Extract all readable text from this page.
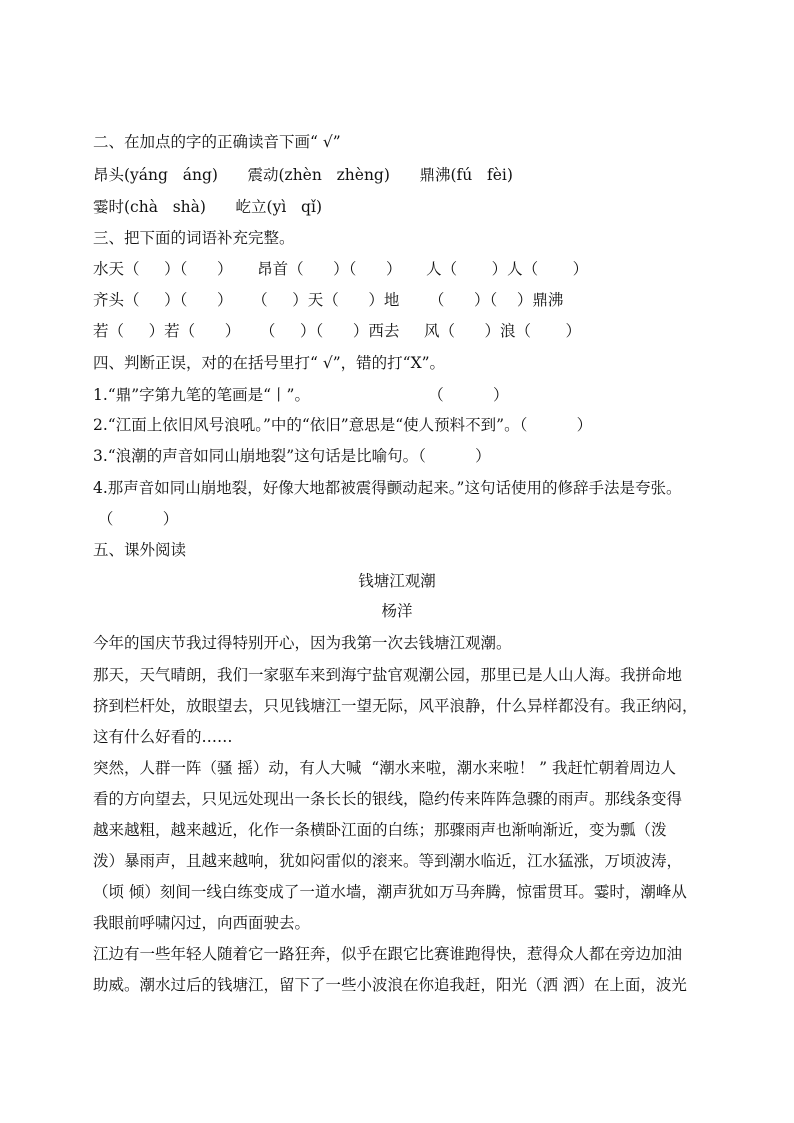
二、在加点的字的正确读音下画“ √”
昂头(yáng   áng)      震动(zhèn   zhèng)      鼎沸(fú   fèi)
霎时(chà   shà)      屹立(yì   qǐ)
三、把下面的词语补充完整。
水天（     ）（      ）     昂首（      ）（      ）     人（       ）人（       ）
齐头（     ）（      ）    （     ）天（      ）地      （      ）（    ）鼎沸
若（     ）若（      ）    （     ）（      ）西去     风（      ）浪（       ）
四、判断正误，对的在括号里打“ √”，错的打“X”。
1.“鼎”字第九笔的笔画是“丨”。                        （          ）
2.“江面上依旧风号浪吼。”中的“依旧”意思是“使人预料不到”。（          ）
3.“浪潮的声音如同山崩地裂”这句话是比喻句。（          ）
4.那声音如同山崩地裂，好像大地都被震得颤动起来。”这句话使用的修辞手法是夸张。
（          ）
五、课外阅读
钱塘江观潮
杨洋
今年的国庆节我过得特别开心，因为我第一次去钱塘江观潮。
那天，天气晴朗，我们一家驱车来到海宁盐官观潮公园，那里已是人山人海。我拼命地
挤到栏杆处，放眼望去，只见钱塘江一望无际，风平浪静，什么异样都没有。我正纳闷，
这有什么好看的……
突然，人群一阵（骚 摇）动，有人大喊  “潮水来啦，潮水来啦！ ” 我赶忙朝着周边人
看的方向望去，只见远处现出一条长长的银线，隐约传来阵阵急骤的雨声。那线条变得
越来越粗，越来越近，化作一条横卧江面的白练；那骤雨声也渐响渐近，变为瓢（泼
泼）暴雨声，且越来越响，犹如闷雷似的滚来。等到潮水临近，江水猛涨，万顷波涛，
（顷 倾）刻间一线白练变成了一道水墙，潮声犹如万马奔腾，惊雷贯耳。霎时，潮峰从
我眼前呼啸闪过，向西面驶去。
江边有一些年轻人随着它一路狂奔，似乎在跟它比赛谁跑得快，惹得众人都在旁边加油
助威。潮水过后的钱塘江，留下了一些小波浪在你追我赶，阳光（洒 洒）在上面，波光
